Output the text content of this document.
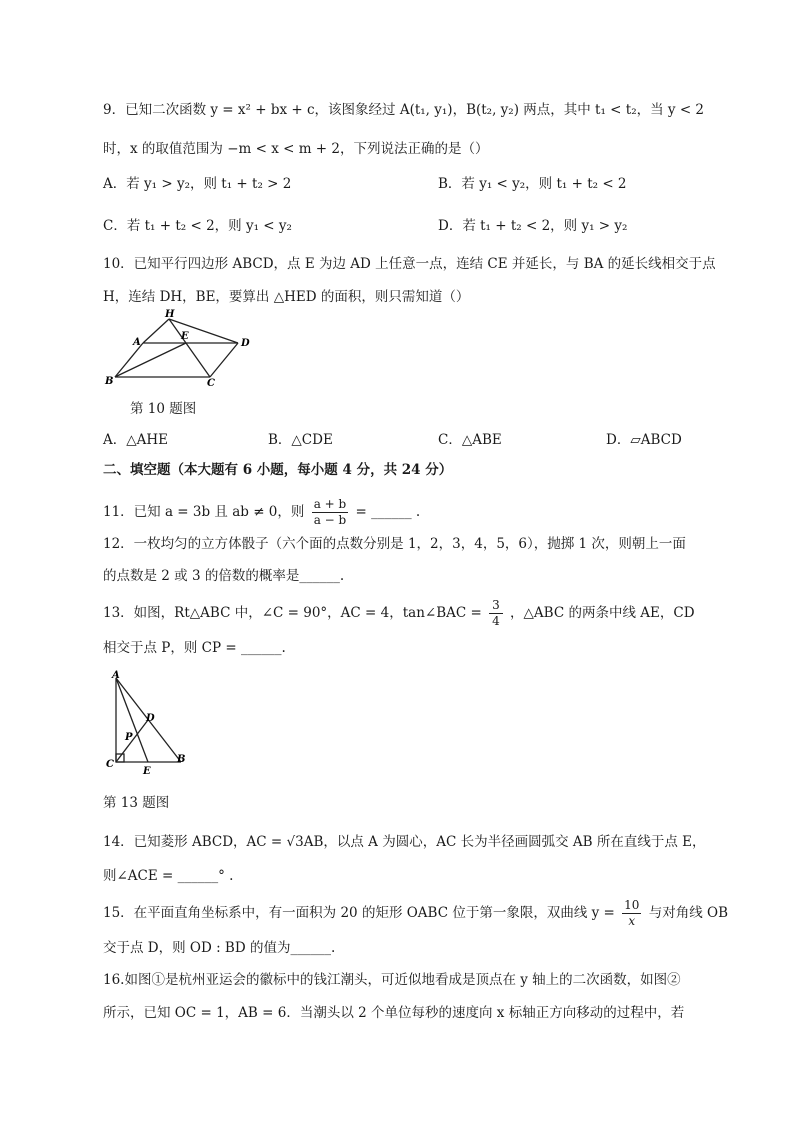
9．已知二次函数 y = x² + bx + c，该图象经过 A(t₁, y₁)，B(t₂, y₂) 两点，其中 t₁ < t₂，当 y < 2
时，x 的取值范围为 −m < x < m + 2，下列说法正确的是（）
A．若 y₁ > y₂，则 t₁ + t₂ > 2	B．若 y₁ < y₂，则 t₁ + t₂ < 2
C．若 t₁ + t₂ < 2，则 y₁ < y₂	D．若 t₁ + t₂ < 2，则 y₁ > y₂
10．已知平行四边形 ABCD，点 E 为边 AD 上任意一点，连结 CE 并延长，与 BA 的延长线相交于点
H，连结 DH，BE，要算出 △HED 的面积，则只需知道（）
H
A
E
D
B	C
第 10 题图
A．△AHE	B．△CDE	C．△ABE	D．▱ABCD
二、填空题（本大题有 6 小题，每小题 4 分，共 24 分）
11．已知 a = 3b 且 ab ≠ 0，则 $\frac{a + b}{a - b}$ = ______ .
12．一枚均匀的立方体骰子（六个面的点数分别是 1，2，3，4，5，6），抛掷 1 次，则朝上一面
的点数是 2 或 3 的倍数的概率是______.
13．如图，Rt△ABC 中，∠C = 90°，AC = 4，tan∠BAC = $\frac{3}{4}$ ，△ABC 的两条中线 AE，CD
相交于点 P，则 CP = ______.
A
D
P
C
E
B
第 13 题图
14．已知菱形 ABCD，AC = √3AB，以点 A 为圆心，AC 长为半径画圆弧交 AB 所在直线于点 E，
则∠ACE = ______° .
15．在平面直角坐标系中，有一面积为 20 的矩形 OABC 位于第一象限，双曲线 $y = \frac{10}{x}$ 与对角线 OB
交于点 D，则 OD : BD 的值为______.
16.如图①是杭州亚运会的徽标中的钱江潮头，可近似地看成是顶点在 y 轴上的二次函数，如图②
所示，已知 OC = 1，AB = 6．当潮头以 2 个单位每秒的速度向 x 标轴正方向移动的过程中，若
